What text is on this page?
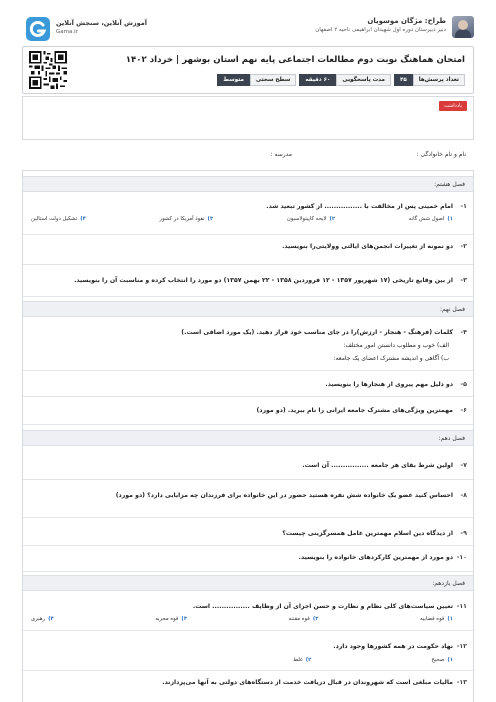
طراح: مژگان موسویان
دبیر دبیرستان دوره اول شهیدان ابراهیمی ناحیه ۲ اصفهان
آموزش آنلاین، سنجش آنلاین
Gama.ir
امتحان هماهنگ نوبت دوم مطالعات اجتماعی پایه نهم استان بوشهر | خرداد ۱۴۰۲
تعداد پرسش‌ها
۴۵
مدت پاسخگویی
۶۰ دقیقه
سطح سختی
متوسط
یادداشت
نام و نام خانوادگی :
مدرسه :
فصل هشتم:
۱-
امام خمینی پس از مخالفت با ................ از کشور تبعید شد.
۱)اصول شش گانه
۲)لایحه کاپیتولاسیون
۳)نفوذ آمریکا در کشور
۴)تشکیل دولت استالین
۲-
دو نمونه از تغییرات انجمن‌های ایالتی وولایتی‌را بنویسید.
۳-
از بین وقایع تاریخی (۱۷ شهریور ۱۳۵۷ - ۱۲ فروردین ۱۳۵۸ - ۲۲ بهمن ۱۳۵۷) دو مورد را انتخاب کرده و مناسبت آن را بنویسید.
فصل نهم:
۴-
کلمات (فرهنگ - هنجار - ارزش)را در جای مناسب خود قرار دهید. (یک مورد اضافی است.)
الف) خوب و مطلوب دانستن امور مختلف:
ب) آگاهی و اندیشه مشترک اعضای یک جامعه:
۵-
دو دلیل مهم پیروی از هنجارها را بنویسید.
۶-
مهمترین ویژگی‌های مشترک جامعه ایرانی را نام ببرید. (دو مورد)
فصل دهم:
۷-
اولین شرط بقای هر جامعه ................ آن است.
۸-
احساس کنید عضو یک خانواده شش نفره هستید حضور در این خانواده برای فرزندان چه مزایایی دارد؟ (دو مورد)
۹-
از دیدگاه دین اسلام مهمترین عامل همسرگزینی چیست؟
۱۰-
دو مورد از مهمترین کارکردهای خانواده را بنویسید.
فصل یازدهم:
۱۱-
تعیین سیاست‌های کلی نظام و نظارت و حسن اجرای آن از وظایف ................ است.
۱)قوه قضاییه
۲)قوه مقننه
۳)قوه مجریه
۴)رهبری
۱۲-
نهاد حکومت در همه کشورها وجود دارد.
۱)صحیح
۲)غلط
۱۳-
مالیات مبلغی است که شهروندان در قبال دریافت خدمت از دستگاه‌های دولتی به آنها می‌پردازند.
